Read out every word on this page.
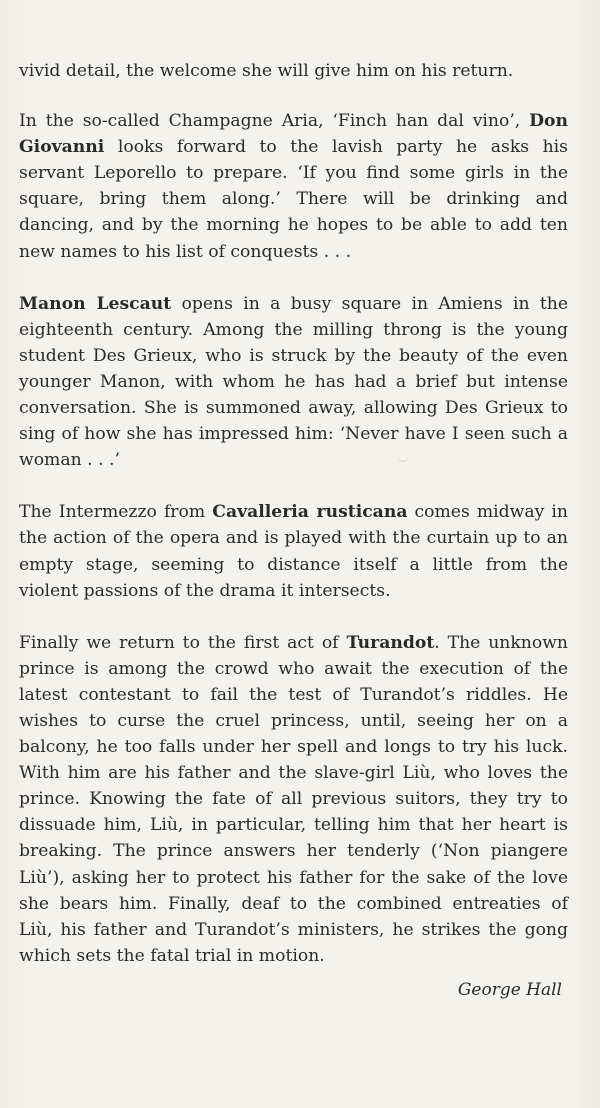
vivid detail, the welcome she will give him on his return.
In the so-called Champagne Aria, ‘Finch han dal vino’, Don
Giovanni looks forward to the lavish party he asks his
servant Leporello to prepare. ‘If you find some girls in the
square, bring them along.’ There will be drinking and
dancing, and by the morning he hopes to be able to add ten
new names to his list of conquests . . .
Manon Lescaut opens in a busy square in Amiens in the
eighteenth century. Among the milling throng is the young
student Des Grieux, who is struck by the beauty of the even
younger Manon, with whom he has had a brief but intense
conversation. She is summoned away, allowing Des Grieux to
sing of how she has impressed him: ‘Never have I seen such a
woman . . .’
The Intermezzo from Cavalleria rusticana comes midway in
the action of the opera and is played with the curtain up to an
empty stage, seeming to distance itself a little from the
violent passions of the drama it intersects.
Finally we return to the first act of Turandot. The unknown
prince is among the crowd who await the execution of the
latest contestant to fail the test of Turandot’s riddles. He
wishes to curse the cruel princess, until, seeing her on a
balcony, he too falls under her spell and longs to try his luck.
With him are his father and the slave-girl Liù, who loves the
prince. Knowing the fate of all previous suitors, they try to
dissuade him, Liù, in particular, telling him that her heart is
breaking. The prince answers her tenderly (‘Non piangere
Liù’), asking her to protect his father for the sake of the love
she bears him. Finally, deaf to the combined entreaties of
Liù, his father and Turandot’s ministers, he strikes the gong
which sets the fatal trial in motion.
George Hall
